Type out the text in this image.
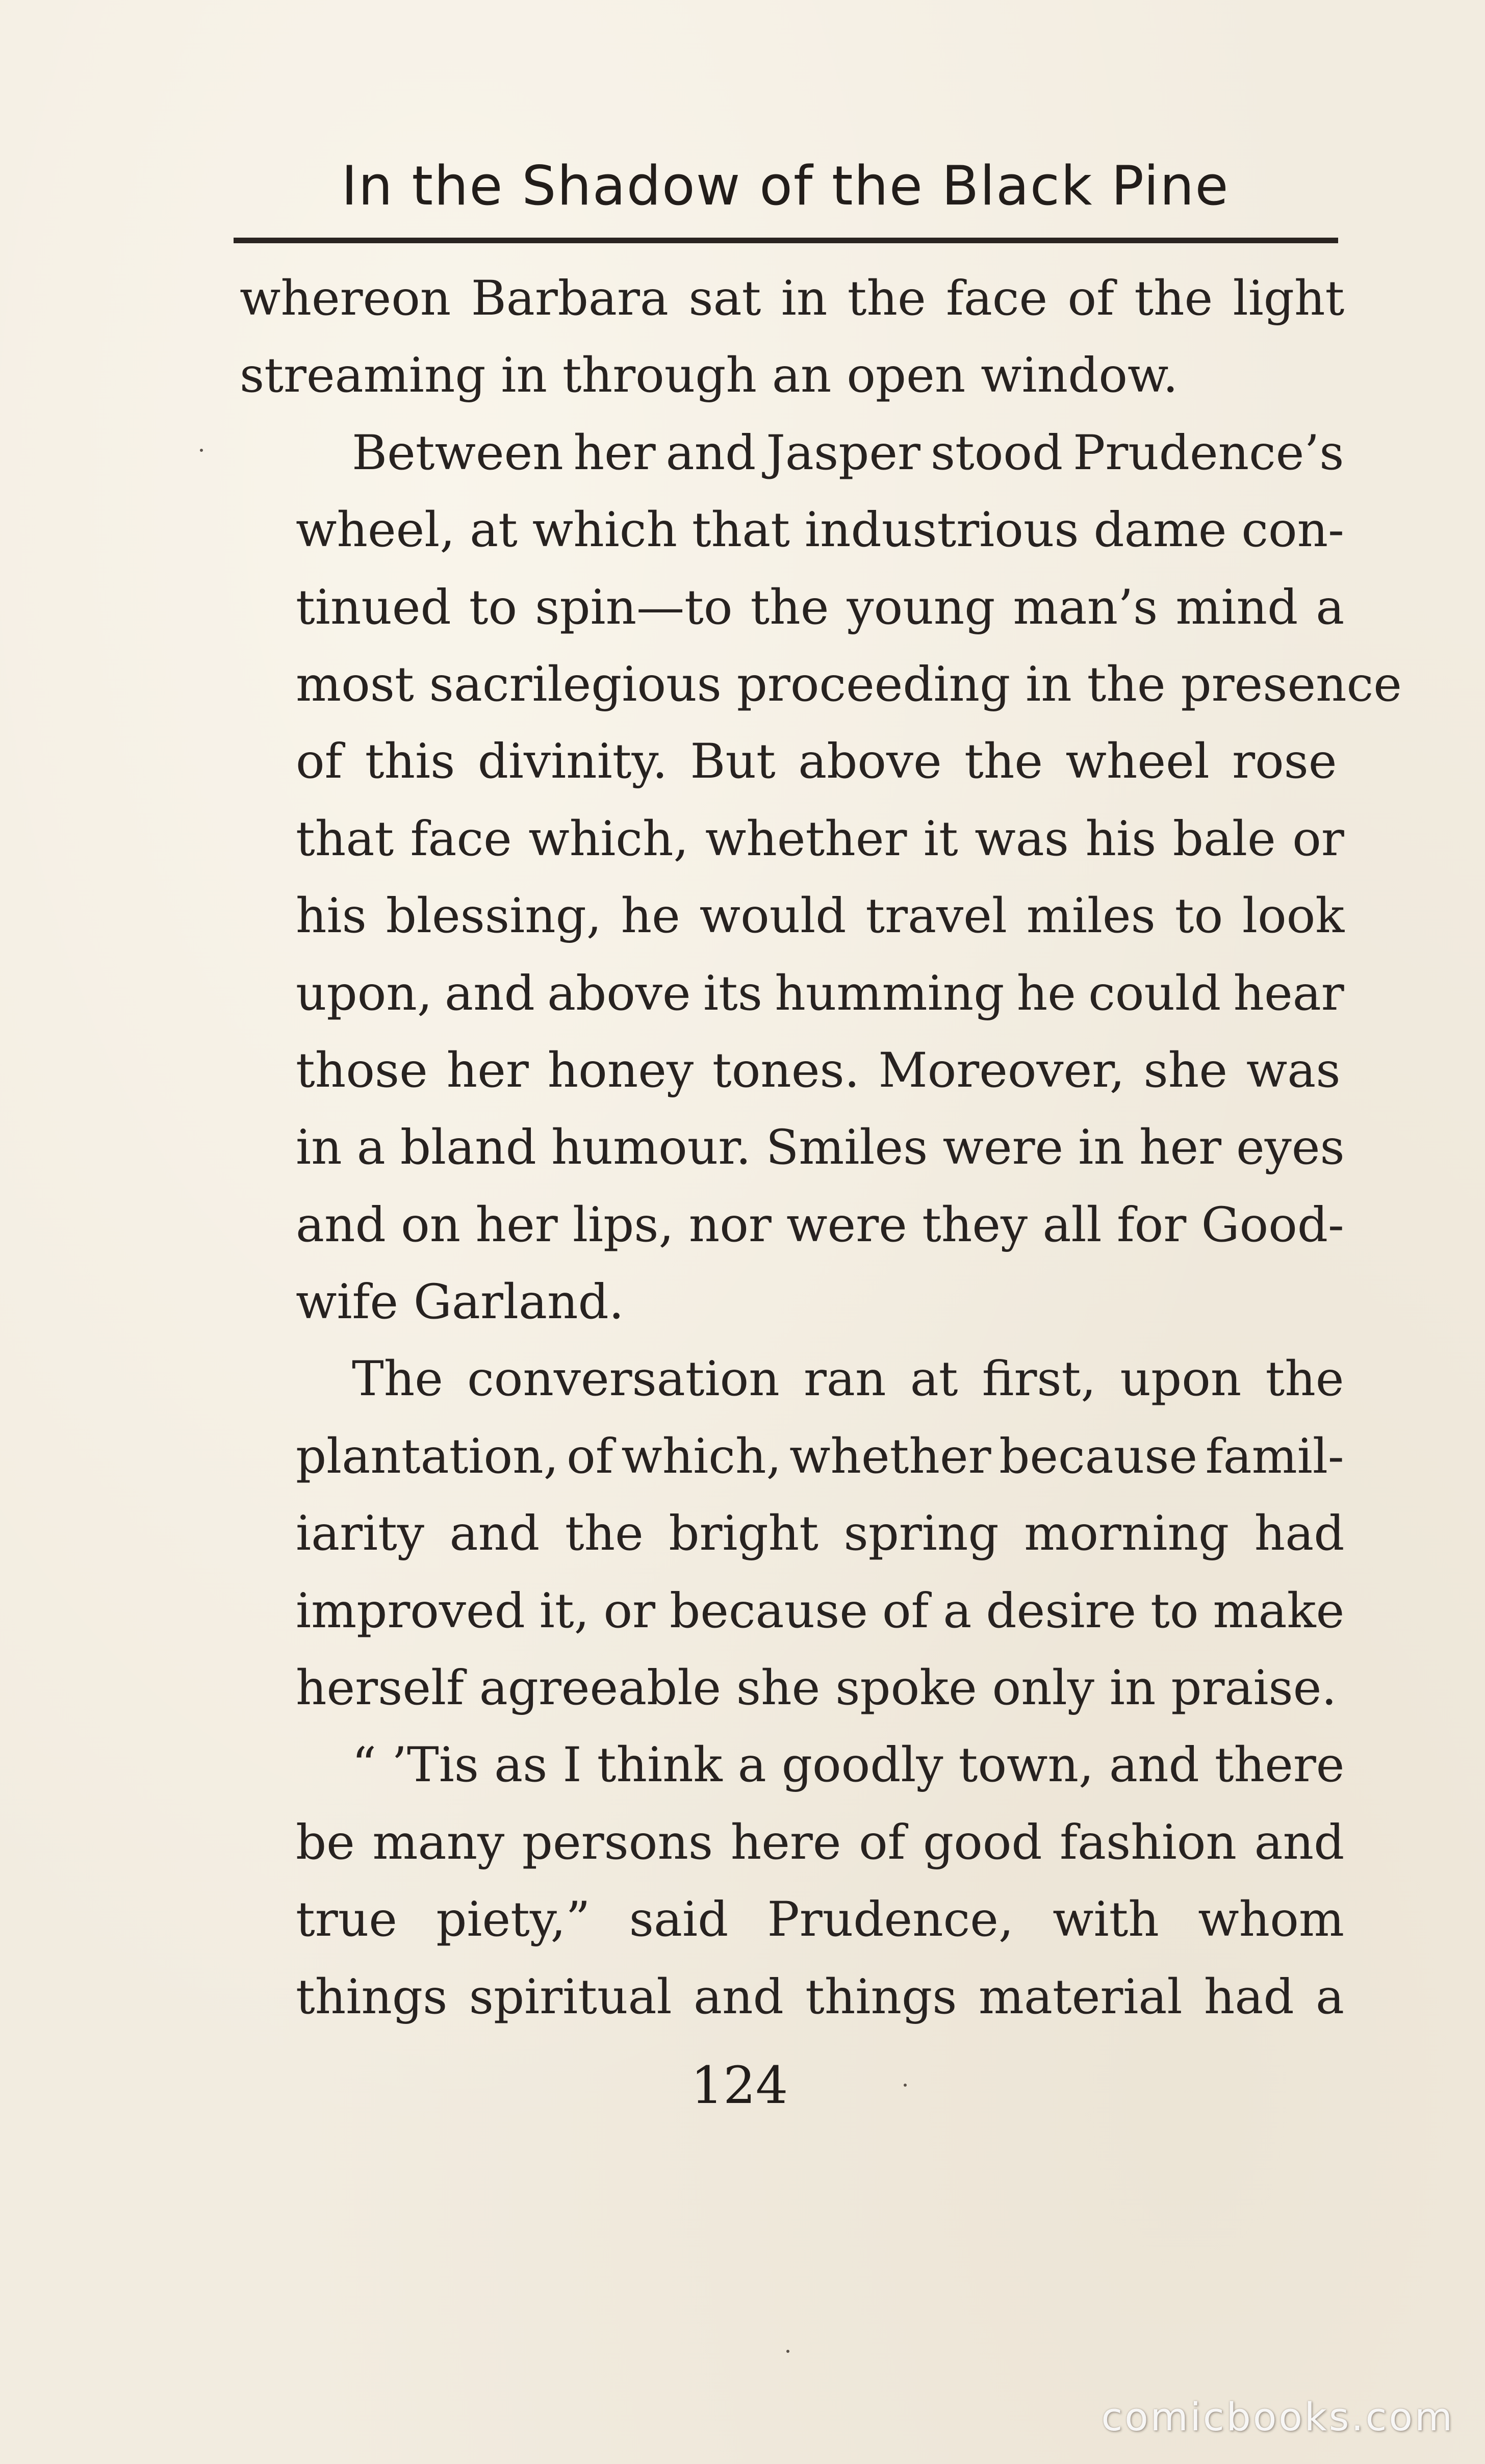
In the Shadow of the Black Pine

whereon Barbara sat in the face of the light
streaming in through an open window.

Between her and Jasper stood Prudence’s
wheel, at which that industrious dame con-
tinued to spin—to the young man’s mind a
most sacrilegious proceeding in the presence
of this divinity. But above the wheel rose
that face which, whether it was his bale or
his blessing, he would travel miles to look
upon, and above its humming he could hear
those her honey tones. Moreover, she was
in a bland humour. Smiles were in her eyes
and on her lips, nor were they all for Good-
wife Garland.

The conversation ran at first, upon the
plantation, of which, whether because famil-
iarity and the bright spring morning had
improved it, or because of a desire to make
herself agreeable she spoke only in praise.

“ ’Tis as I think a goodly town, and there
be many persons here of good fashion and
true piety,” said Prudence, with whom
things spiritual and things material had a

124
comicbooks.com
